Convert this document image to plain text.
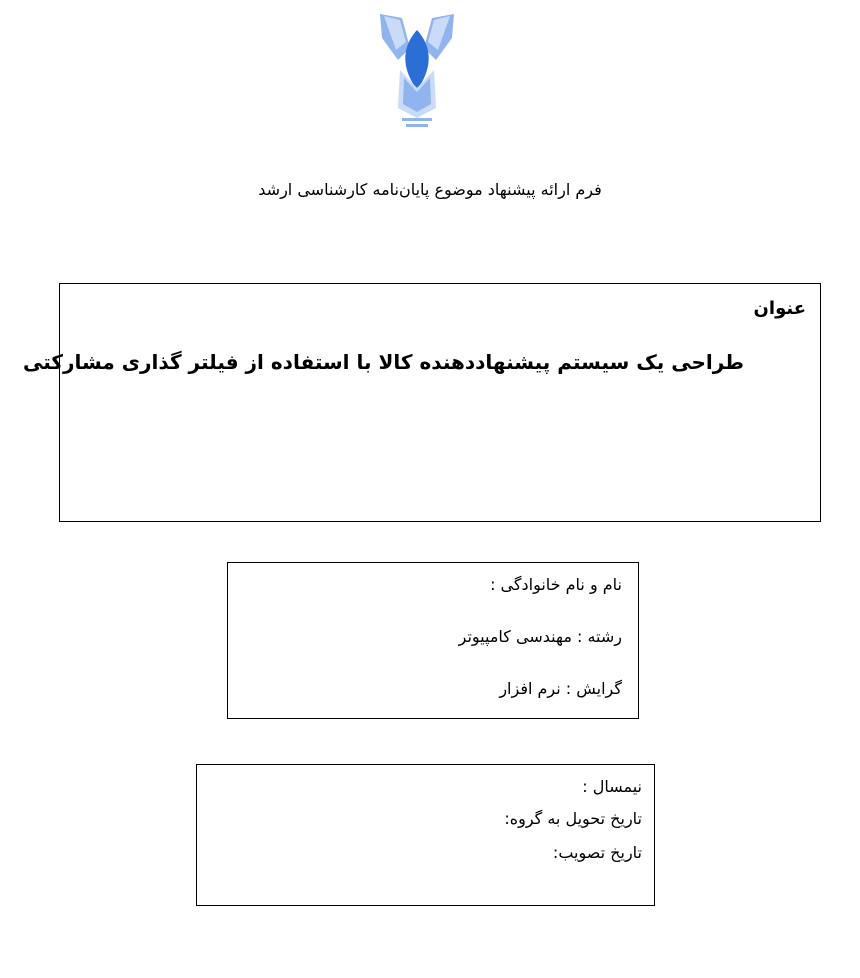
فرم ارائه پیشنهاد موضوع پایان‌نامه کارشناسی ارشد
عنوان
طراحی یک سیستم پیشنهاددهنده کالا با استفاده از فیلتر گذاری مشارکتی
نام و نام خانوادگی :
رشته : مهندسی کامپیوتر
گرایش : نرم افزار
نیمسال :
تاریخ تحویل به گروه:
تاریخ تصویب:
